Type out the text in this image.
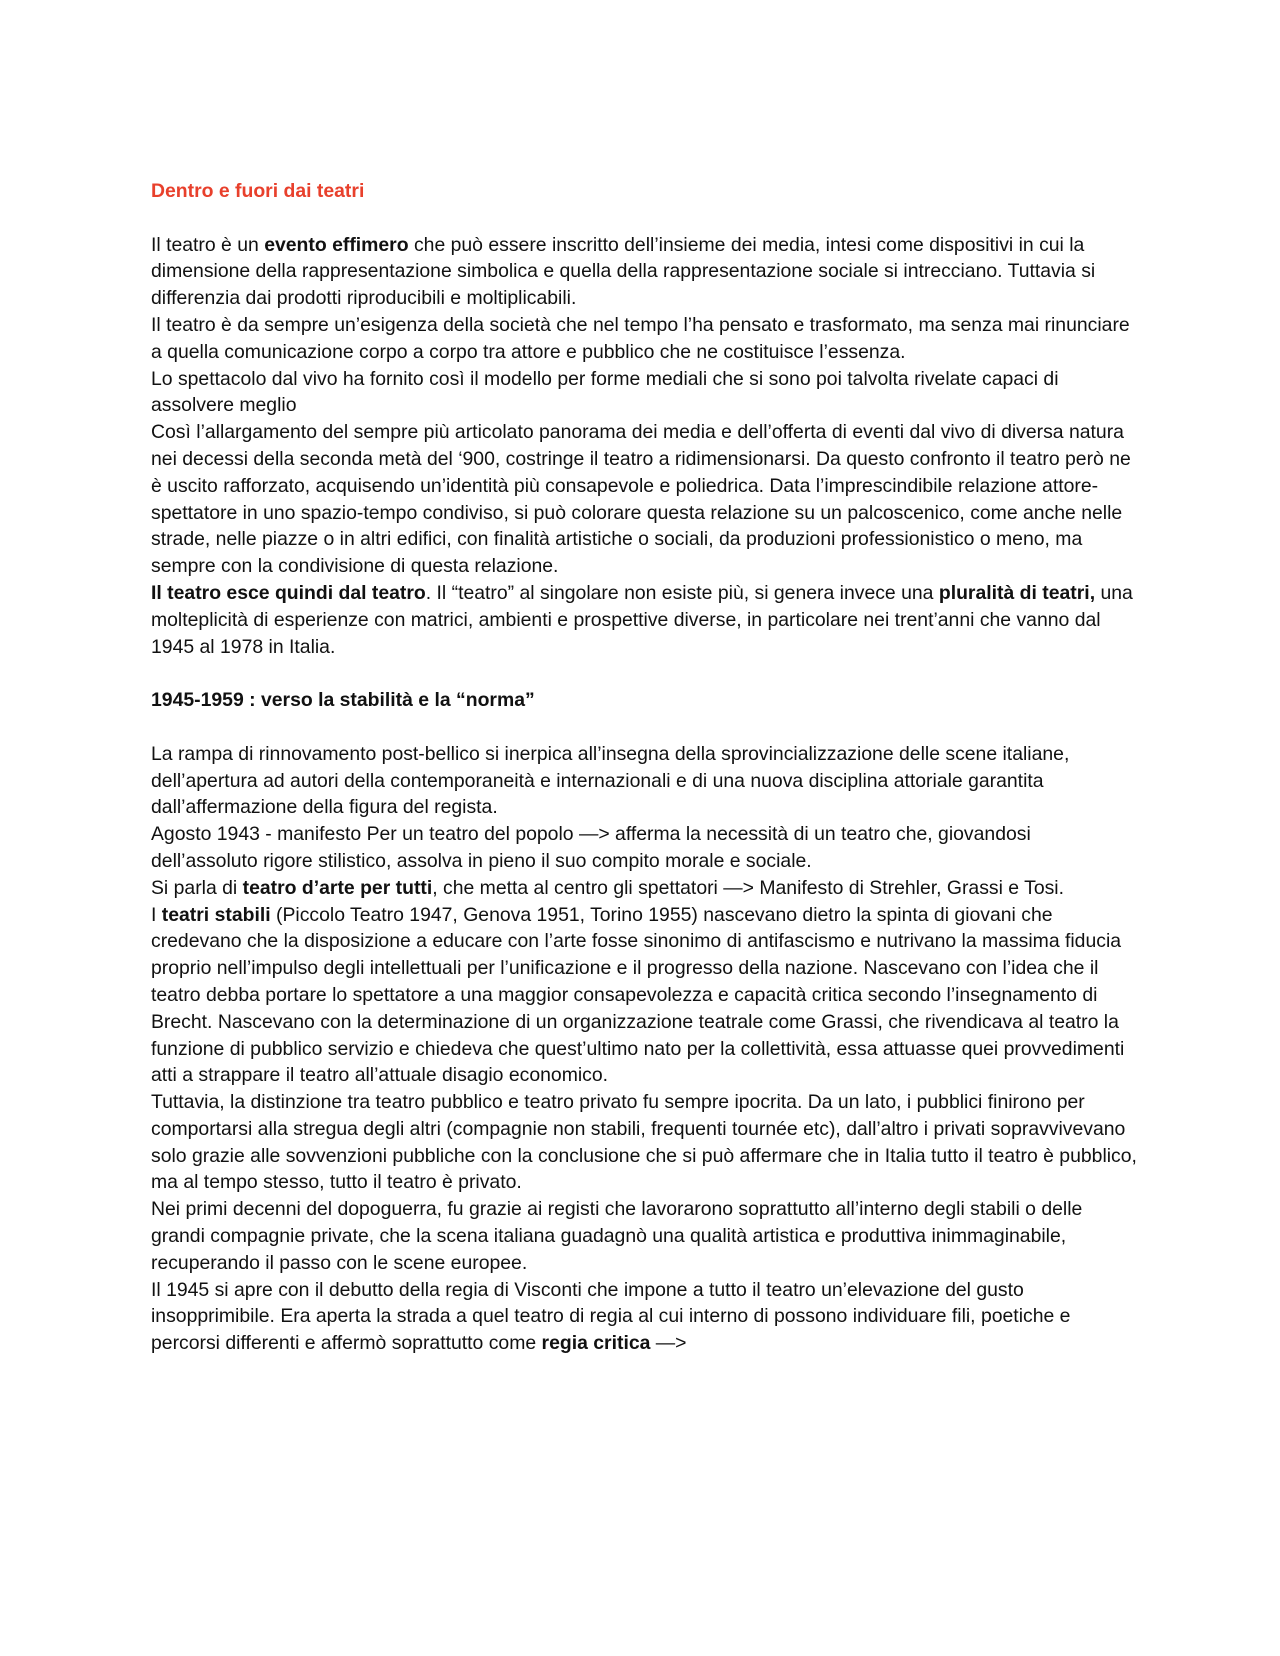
Dentro e fuori dai teatri

Il teatro è un evento effimero che può essere inscritto dell’insieme dei media, intesi come dispositivi in cui la dimensione della rappresentazione simbolica e quella della rappresentazione sociale si intrecciano. Tuttavia si differenzia dai prodotti riproducibili e moltiplicabili.

Il teatro è da sempre un’esigenza della società che nel tempo l’ha pensato e trasformato, ma senza mai rinunciare a quella comunicazione corpo a corpo tra attore e pubblico che ne costituisce l’essenza.

Lo spettacolo dal vivo ha fornito così il modello per forme mediali che si sono poi talvolta rivelate capaci di assolvere meglio

Così l’allargamento del sempre più articolato panorama dei media e dell’offerta di eventi dal vivo di diversa natura nei decessi della seconda metà del ‘900, costringe il teatro a ridimensionarsi. Da questo confronto il teatro però ne è uscito rafforzato, acquisendo un’identità più consapevole e poliedrica. Data l’imprescindibile relazione attore- spettatore in uno spazio-tempo condiviso, si può colorare questa relazione su un palcoscenico, come anche nelle strade, nelle piazze o in altri edifici, con finalità artistiche o sociali, da produzioni professionistico o meno, ma sempre con la condivisione di questa relazione.

Il teatro esce quindi dal teatro. Il “teatro” al singolare non esiste più, si genera invece una pluralità di teatri, una molteplicità di esperienze con matrici, ambienti e prospettive diverse, in particolare nei trent’anni che vanno dal 1945 al 1978 in Italia.

1945-1959 : verso la stabilità e la “norma”

La rampa di rinnovamento post-bellico si inerpica all’insegna della sprovincializzazione delle scene italiane, dell’apertura ad autori della contemporaneità e internazionali e di una nuova disciplina attoriale garantita dall’affermazione della figura del regista.

Agosto 1943 - manifesto Per un teatro del popolo —> afferma la necessità di un teatro che, giovandosi dell’assoluto rigore stilistico, assolva in pieno il suo compito morale e sociale.

Si parla di teatro d’arte per tutti, che metta al centro gli spettatori —> Manifesto di Strehler, Grassi e Tosi.

I teatri stabili (Piccolo Teatro 1947, Genova 1951, Torino 1955) nascevano dietro la spinta di giovani che credevano che la disposizione a educare con l’arte fosse sinonimo di antifascismo e nutrivano la massima fiducia proprio nell’impulso degli intellettuali per l’unificazione e il progresso della nazione. Nascevano con l’idea che il teatro debba portare lo spettatore a una maggior consapevolezza e capacità critica secondo l’insegnamento di Brecht. Nascevano con la determinazione di un organizzazione teatrale come Grassi, che rivendicava al teatro la funzione di pubblico servizio e chiedeva che quest’ultimo nato per la collettività, essa attuasse quei provvedimenti atti a strappare il teatro all’attuale disagio economico.

Tuttavia, la distinzione tra teatro pubblico e teatro privato fu sempre ipocrita. Da un lato, i pubblici finirono per comportarsi alla stregua degli altri (compagnie non stabili, frequenti tournée etc), dall’altro i privati sopravvivevano solo grazie alle sovvenzioni pubbliche con la conclusione che si può affermare che in Italia tutto il teatro è pubblico, ma al tempo stesso, tutto il teatro è privato.

Nei primi decenni del dopoguerra, fu grazie ai registi che lavorarono soprattutto all’interno degli stabili o delle grandi compagnie private, che la scena italiana guadagnò una qualità artistica e produttiva inimmaginabile, recuperando il passo con le scene europee.

Il 1945 si apre con il debutto della regia di Visconti che impone a tutto il teatro un’elevazione del gusto insopprimibile. Era aperta la strada a quel teatro di regia al cui interno di possono individuare fili, poetiche e percorsi differenti e affermò soprattutto come regia critica —>
